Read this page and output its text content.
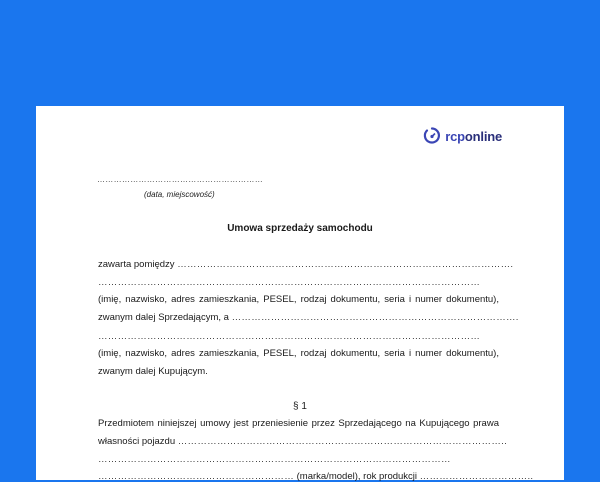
rcponline
……………………………………………………
(data, miejscowość)
Umowa sprzedaży samochodu
zawarta pomiędzy ………………………………………………………………………………………….
………………………………………………………………………………………………………
(imię, nazwisko, adres zamieszkania, PESEL, rodzaj dokumentu, seria i numer dokumentu),
zwanym dalej Sprzedającym, a …………………………………………………………………………….
………………………………………………………………………………………………………
(imię, nazwisko, adres zamieszkania, PESEL, rodzaj dokumentu, seria i numer dokumentu),
zwanym dalej Kupującym.
§ 1
Przedmiotem niniejszej umowy jest przeniesienie przez Sprzedającego na Kupującego prawa
własności pojazdu ………………………………………………………………………………………..
………………………………………………………………………………………………
…………………………………………………… (marka/model), rok produkcji ……………………………..
